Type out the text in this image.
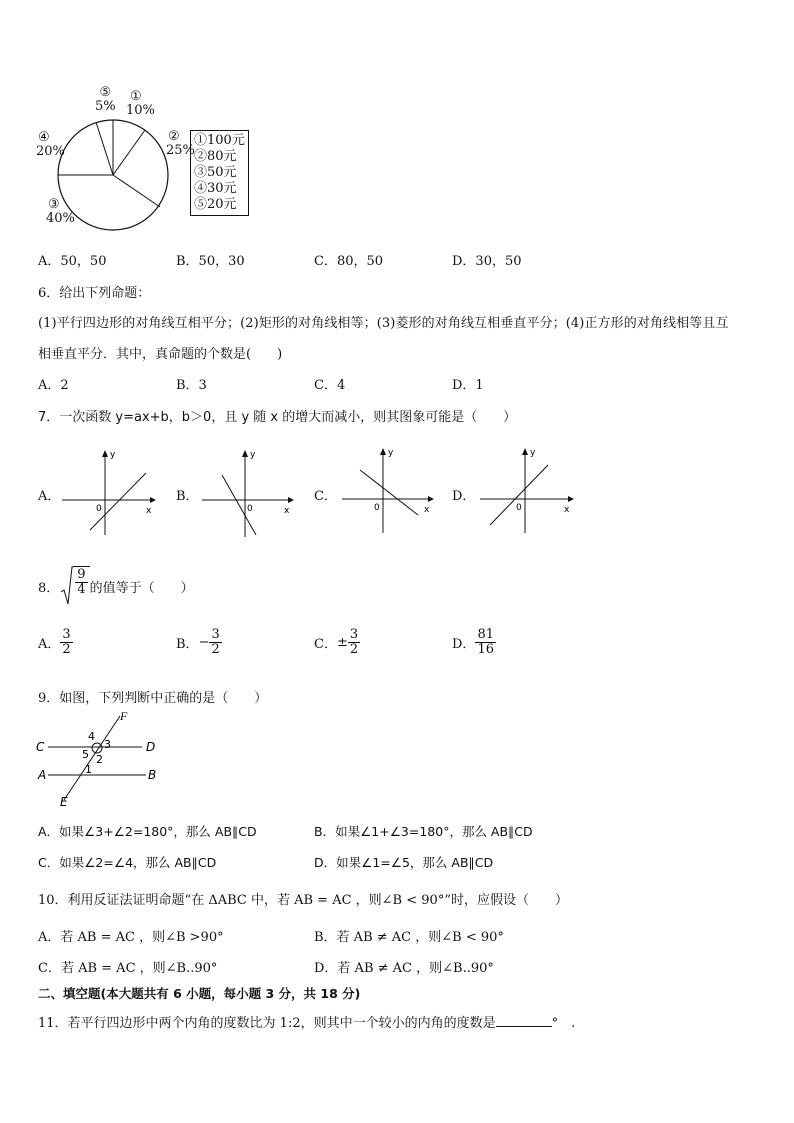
⑤
5%
①
10%
②
25%
④
20%
③
40%
①100元
②80元
③50元
④30元
⑤20元
A．50，50	B．50，30	C．80，50	D．30，50
6．给出下列命题：
(1)平行四边形的对角线互相平分；(2)矩形的对角线相等；(3)菱形的对角线互相垂直平分；(4)正方形的对角线相等且互
相垂直平分．其中，真命题的个数是(　　)
A．2	B．3	C．4	D．1
7．一次函数 y=ax+b，b＞0，且 y 随 x 的增大而减小，则其图象可能是（　　）
A．
y
x
0
B．
y
x
0
C．
y
x
0
D．
y
x
0
8． $\frac{9}{4}$ 的值等于（　　）
A． $\frac{3}{2}$	B． − $\frac{3}{2}$	C． ± $\frac{3}{2}$	D． $\frac{81}{16}$
9．如图，下列判断中正确的是（　　）
F
C	D
A	B
E
4
3
5 2
1
A．如果∠3+∠2=180°，那么 AB∥CD	B．如果∠1+∠3=180°，那么 AB∥CD
C．如果∠2=∠4，那么 AB∥CD	D．如果∠1=∠5，那么 AB∥CD
10．利用反证法证明命题“在 ΔABC 中，若 AB = AC ，则∠B < 90°”时，应假设（　　）
A．若 AB = AC ，则∠B >90°	B．若 AB ≠ AC ，则∠B < 90°
C．若 AB = AC ，则∠B..90°	D．若 AB ≠ AC ，则∠B..90°
二、填空题(本大题共有 6 小题，每小题 3 分，共 18 分)
11．若平行四边形中两个内角的度数比为 1:2，则其中一个较小的内角的度数是	°　.
